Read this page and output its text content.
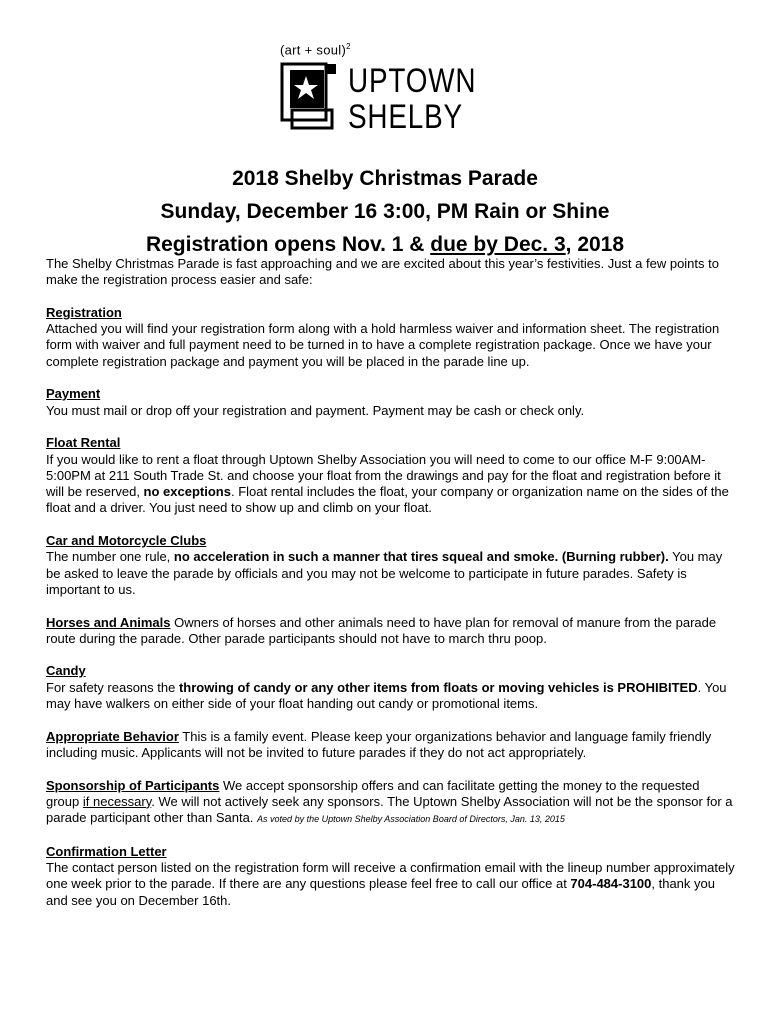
(art + soul)$^2$
UPTOWN
SHELBY
2018 Shelby Christmas Parade
Sunday, December 16 3:00, PM Rain or Shine
Registration opens Nov. 1 & due by Dec. 3, 2018

The Shelby Christmas Parade is fast approaching and we are excited about this year’s festivities. Just a few points to make the registration process easier and safe:

Registration
Attached you will find your registration form along with a hold harmless waiver and information sheet. The registration form with waiver and full payment need to be turned in to have a complete registration package. Once we have your complete registration package and payment you will be placed in the parade line up.

Payment
You must mail or drop off your registration and payment. Payment may be cash or check only.

Float Rental
If you would like to rent a float through Uptown Shelby Association you will need to come to our office M-F 9:00AM- 5:00PM at 211 South Trade St. and choose your float from the drawings and pay for the float and registration before it will be reserved, no exceptions. Float rental includes the float, your company or organization name on the sides of the float and a driver. You just need to show up and climb on your float.

Car and Motorcycle Clubs
The number one rule, no acceleration in such a manner that tires squeal and smoke. (Burning rubber). You may be asked to leave the parade by officials and you may not be welcome to participate in future parades. Safety is important to us.

Horses and Animals Owners of horses and other animals need to have plan for removal of manure from the parade route during the parade. Other parade participants should not have to march thru poop.

Candy
For safety reasons the throwing of candy or any other items from floats or moving vehicles is PROHIBITED. You may have walkers on either side of your float handing out candy or promotional items.

Appropriate Behavior This is a family event. Please keep your organizations behavior and language family friendly including music. Applicants will not be invited to future parades if they do not act appropriately.

Sponsorship of Participants We accept sponsorship offers and can facilitate getting the money to the requested group if necessary. We will not actively seek any sponsors. The Uptown Shelby Association will not be the sponsor for a parade participant other than Santa. As voted by the Uptown Shelby Association Board of Directors, Jan. 13, 2015

Confirmation Letter
The contact person listed on the registration form will receive a confirmation email with the lineup number approximately one week prior to the parade. If there are any questions please feel free to call our office at 704-484-3100, thank you and see you on December 16th.
